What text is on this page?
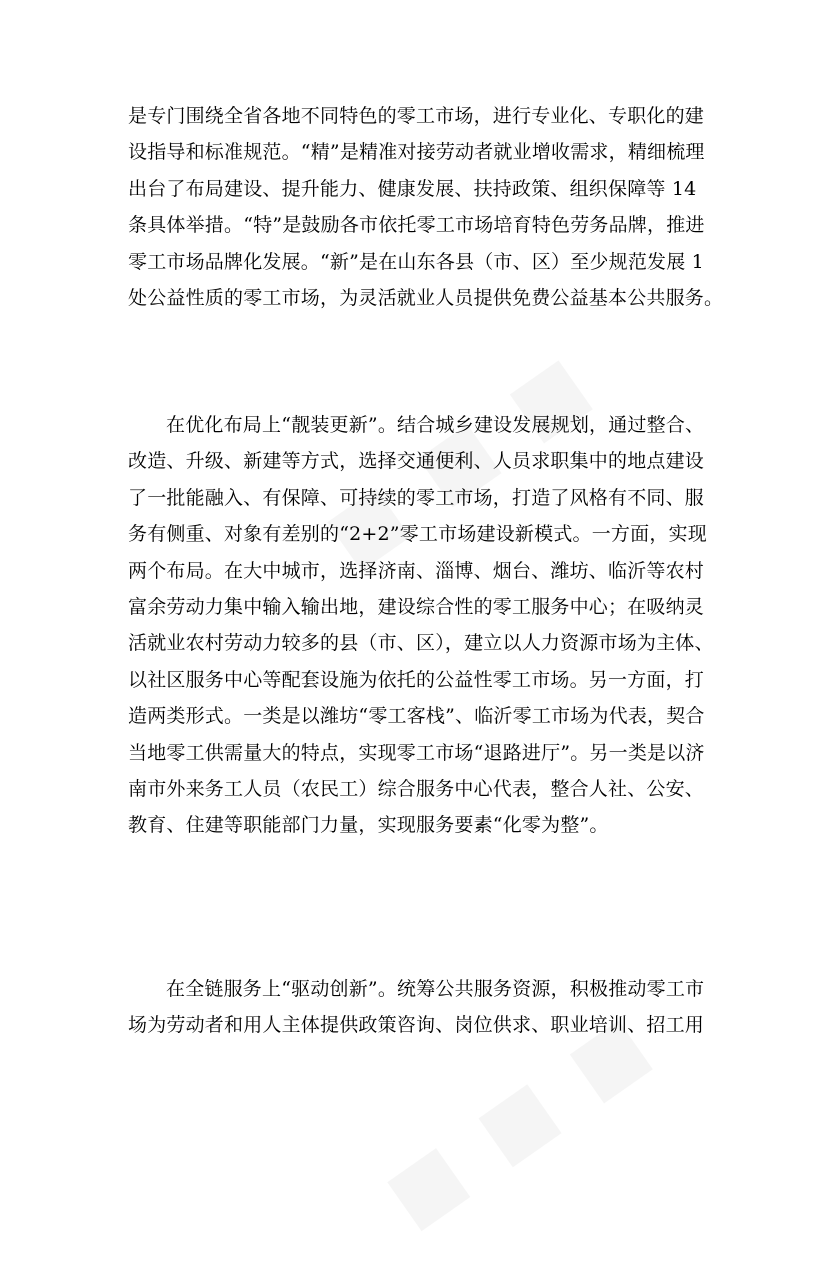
是专门围绕全省各地不同特色的零工市场，进行专业化、专职化的建
设指导和标准规范。“精”是精准对接劳动者就业增收需求，精细梳理
出台了布局建设、提升能力、健康发展、扶持政策、组织保障等 14
条具体举措。“特”是鼓励各市依托零工市场培育特色劳务品牌，推进
零工市场品牌化发展。“新”是在山东各县（市、区）至少规范发展 1
处公益性质的零工市场，为灵活就业人员提供免费公益基本公共服务。
在优化布局上“靓装更新”。结合城乡建设发展规划，通过整合、
改造、升级、新建等方式，选择交通便利、人员求职集中的地点建设
了一批能融入、有保障、可持续的零工市场，打造了风格有不同、服
务有侧重、对象有差别的“2+2”零工市场建设新模式。一方面，实现
两个布局。在大中城市，选择济南、淄博、烟台、潍坊、临沂等农村
富余劳动力集中输入输出地，建设综合性的零工服务中心；在吸纳灵
活就业农村劳动力较多的县（市、区），建立以人力资源市场为主体、
以社区服务中心等配套设施为依托的公益性零工市场。另一方面，打
造两类形式。一类是以潍坊“零工客栈”、临沂零工市场为代表，契合
当地零工供需量大的特点，实现零工市场“退路进厅”。另一类是以济
南市外来务工人员（农民工）综合服务中心代表，整合人社、公安、
教育、住建等职能部门力量，实现服务要素“化零为整”。
在全链服务上“驱动创新”。统筹公共服务资源，积极推动零工市
场为劳动者和用人主体提供政策咨询、岗位供求、职业培训、招工用
